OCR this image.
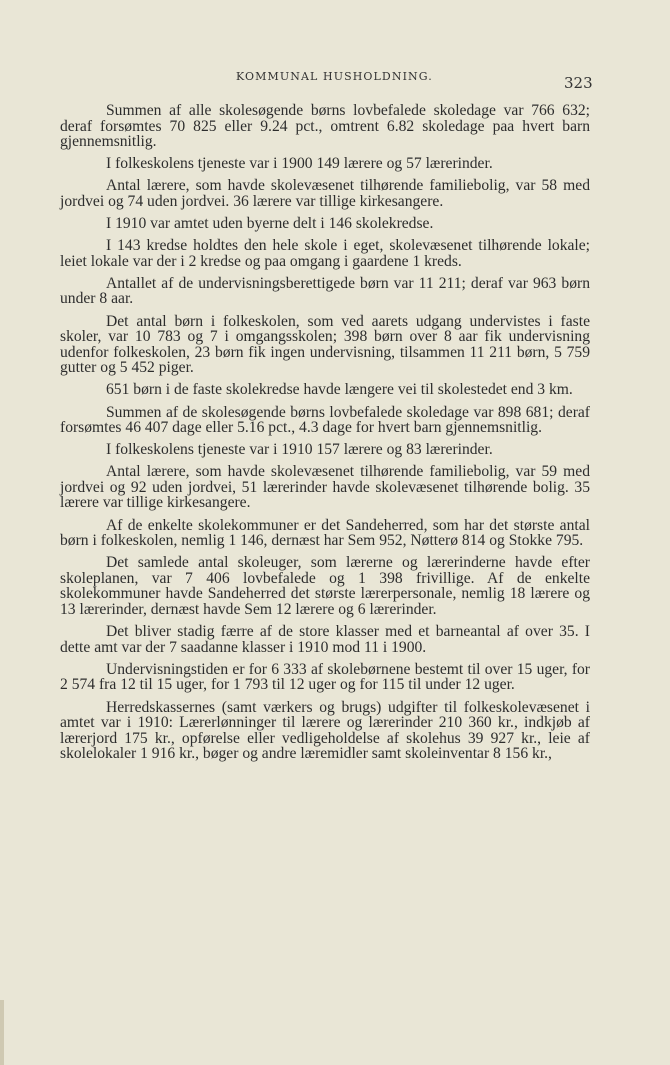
KOMMUNAL HUSHOLDNING.	323

Summen af alle skolesøgende børns lovbefalede skoledage var 766 632; deraf forsømtes 70 825 eller 9.24 pct., omtrent 6.82 skoledage paa hvert barn gjennemsnitlig.

I folkeskolens tjeneste var i 1900 149 lærere og 57 lærerinder.

Antal lærere, som havde skolevæsenet tilhørende familiebolig, var 58 med jordvei og 74 uden jordvei. 36 lærere var tillige kirkesangere.

I 1910 var amtet uden byerne delt i 146 skolekredse.

I 143 kredse holdtes den hele skole i eget, skolevæsenet tilhørende lokale; leiet lokale var der i 2 kredse og paa omgang i gaardene 1 kreds.

Antallet af de undervisningsberettigede børn var 11 211; deraf var 963 børn under 8 aar.

Det antal børn i folkeskolen, som ved aarets udgang undervistes i faste skoler, var 10 783 og 7 i omgangsskolen; 398 børn over 8 aar fik undervisning udenfor folkeskolen, 23 børn fik ingen undervisning, tilsammen 11 211 børn, 5 759 gutter og 5 452 piger.

651 børn i de faste skolekredse havde længere vei til skolestedet end 3 km.

Summen af de skolesøgende børns lovbefalede skoledage var 898 681; deraf forsømtes 46 407 dage eller 5.16 pct., 4.3 dage for hvert barn gjennemsnitlig.

I folkeskolens tjeneste var i 1910 157 lærere og 83 lærerinder.

Antal lærere, som havde skolevæsenet tilhørende familiebolig, var 59 med jordvei og 92 uden jordvei, 51 lærerinder havde skolevæsenet tilhørende bolig. 35 lærere var tillige kirkesangere.

Af de enkelte skolekommuner er det Sandeherred, som har det største antal børn i folkeskolen, nemlig 1 146, dernæst har Sem 952, Nøtterø 814 og Stokke 795.

Det samlede antal skoleuger, som lærerne og lærerinderne havde efter skoleplanen, var 7 406 lovbefalede og 1 398 frivillige. Af de enkelte skolekommuner havde Sandeherred det største lærerpersonale, nemlig 18 lærere og 13 lærerinder, dernæst havde Sem 12 lærere og 6 lærerinder.

Det bliver stadig færre af de store klasser med et barneantal af over 35. I dette amt var der 7 saadanne klasser i 1910 mod 11 i 1900.

Undervisningstiden er for 6 333 af skolebørnene bestemt til over 15 uger, for 2 574 fra 12 til 15 uger, for 1 793 til 12 uger og for 115 til under 12 uger.

Herredskassernes (samt værkers og brugs) udgifter til folkeskolevæsenet i amtet var i 1910: Lærerlønninger til lærere og lærerinder 210 360 kr., indkjøb af lærerjord 175 kr., opførelse eller vedligeholdelse af skolehus 39 927 kr., leie af skolelokaler 1 916 kr., bøger og andre læremidler samt skoleinventar 8 156 kr.,
